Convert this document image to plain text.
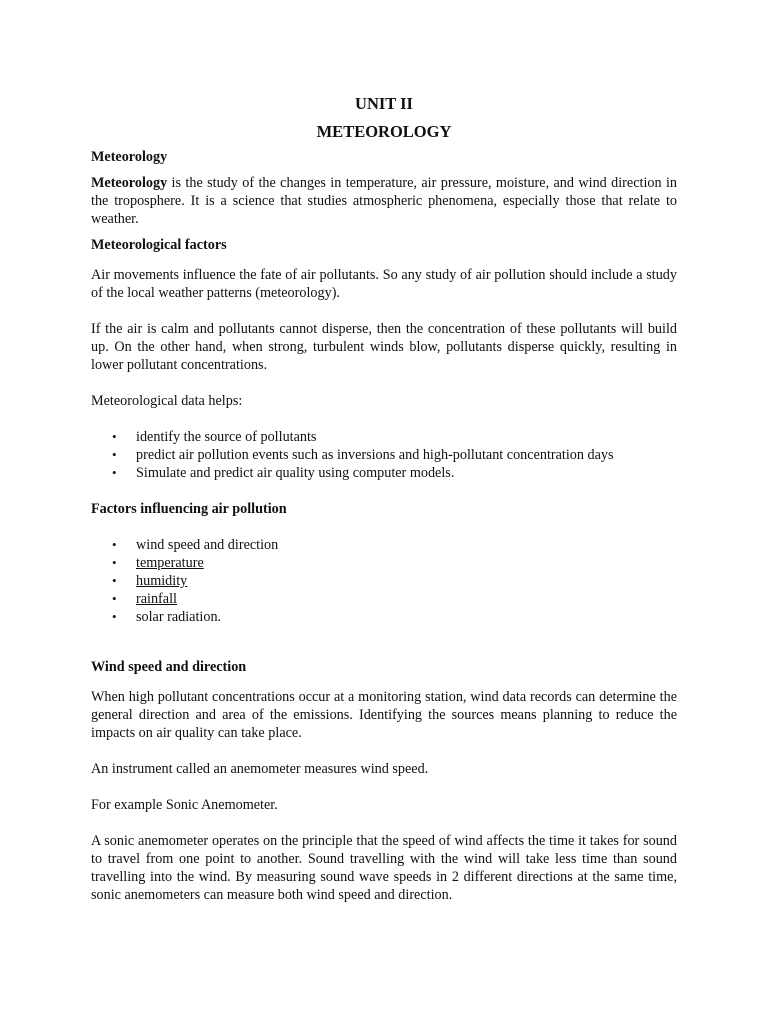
UNIT II
METEOROLOGY
Meteorology

Meteorology is the study of the changes in temperature, air pressure, moisture, and wind direction in the troposphere. It is a science that studies atmospheric phenomena, especially those that relate to weather.

Meteorological factors

Air movements influence the fate of air pollutants. So any study of air pollution should include a study of the local weather patterns (meteorology).

If the air is calm and pollutants cannot disperse, then the concentration of these pollutants will build up. On the other hand, when strong, turbulent winds blow, pollutants disperse quickly, resulting in lower pollutant concentrations.

Meteorological data helps:

• identify the source of pollutants
• predict air pollution events such as inversions and high-pollutant concentration days
• Simulate and predict air quality using computer models.
Factors influencing air pollution
• wind speed and direction
• temperature
• humidity
• rainfall
• solar radiation.
Wind speed and direction

When high pollutant concentrations occur at a monitoring station, wind data records can determine the general direction and area of the emissions. Identifying the sources means planning to reduce the impacts on air quality can take place.

An instrument called an anemometer measures wind speed.

For example Sonic Anemometer.

A sonic anemometer operates on the principle that the speed of wind affects the time it takes for sound to travel from one point to another. Sound travelling with the wind will take less time than sound travelling into the wind. By measuring sound wave speeds in 2 different directions at the same time, sonic anemometers can measure both wind speed and direction.
